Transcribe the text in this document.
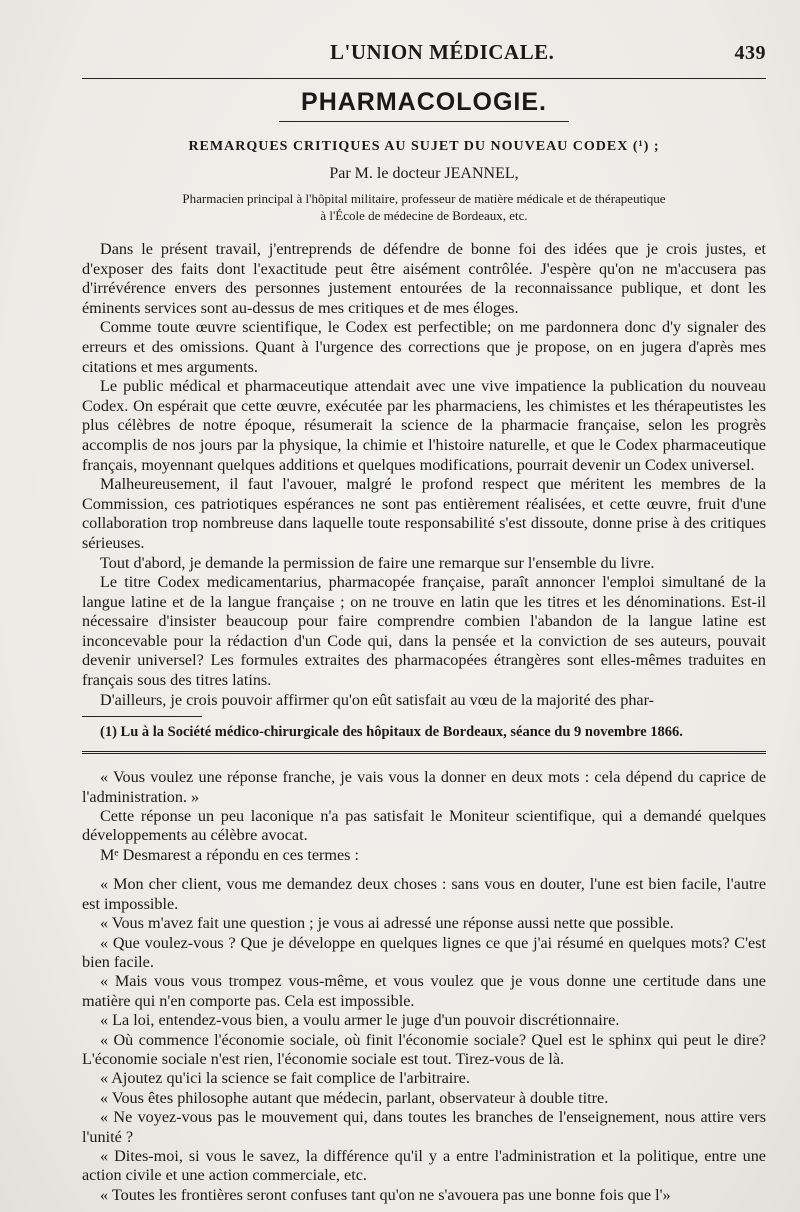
L'UNION MÉDICALE.	439
PHARMACOLOGIE.
REMARQUES CRITIQUES AU SUJET DU NOUVEAU CODEX (¹) ;
Par M. le docteur JEANNEL,
Pharmacien principal à l'hôpital militaire, professeur de matière médicale et de thérapeutique
à l'École de médecine de Bordeaux, etc.

Dans le présent travail, j'entreprends de défendre de bonne foi des idées que je crois justes, et d'exposer des faits dont l'exactitude peut être aisément contrôlée. J'espère qu'on ne m'accusera pas d'irrévérence envers des personnes justement entourées de la reconnaissance publique, et dont les éminents services sont au-dessus de mes critiques et de mes éloges.

Comme toute œuvre scientifique, le Codex est perfectible; on me pardonnera donc d'y signaler des erreurs et des omissions. Quant à l'urgence des corrections que je propose, on en jugera d'après mes citations et mes arguments.

Le public médical et pharmaceutique attendait avec une vive impatience la publication du nouveau Codex. On espérait que cette œuvre, exécutée par les pharmaciens, les chimistes et les thérapeutistes les plus célèbres de notre époque, résumerait la science de la pharmacie française, selon les progrès accomplis de nos jours par la physique, la chimie et l'histoire naturelle, et que le Codex pharmaceutique français, moyennant quelques additions et quelques modifications, pourrait devenir un Codex universel.

Malheureusement, il faut l'avouer, malgré le profond respect que méritent les membres de la Commission, ces patriotiques espérances ne sont pas entièrement réalisées, et cette œuvre, fruit d'une collaboration trop nombreuse dans laquelle toute responsabilité s'est dissoute, donne prise à des critiques sérieuses.

Tout d'abord, je demande la permission de faire une remarque sur l'ensemble du livre.

Le titre Codex medicamentarius, pharmacopée française, paraît annoncer l'emploi simultané de la langue latine et de la langue française ; on ne trouve en latin que les titres et les dénominations. Est-il nécessaire d'insister beaucoup pour faire comprendre combien l'abandon de la langue latine est inconcevable pour la rédaction d'un Code qui, dans la pensée et la conviction de ses auteurs, pouvait devenir universel? Les formules extraites des pharmacopées étrangères sont elles-mêmes traduites en français sous des titres latins.

D'ailleurs, je crois pouvoir affirmer qu'on eût satisfait au vœu de la majorité des phar-

(1) Lu à la Société médico-chirurgicale des hôpitaux de Bordeaux, séance du 9 novembre 1866.

« Vous voulez une réponse franche, je vais vous la donner en deux mots : cela dépend du caprice de l'administration. »

Cette réponse un peu laconique n'a pas satisfait le Moniteur scientifique, qui a demandé quelques développements au célèbre avocat.

Mᵉ Desmarest a répondu en ces termes :

« Mon cher client, vous me demandez deux choses : sans vous en douter, l'une est bien facile, l'autre est impossible.

« Vous m'avez fait une question ; je vous ai adressé une réponse aussi nette que possible.

« Que voulez-vous ? Que je développe en quelques lignes ce que j'ai résumé en quelques mots? C'est bien facile.

« Mais vous vous trompez vous-même, et vous voulez que je vous donne une certitude dans une matière qui n'en comporte pas. Cela est impossible.

« La loi, entendez-vous bien, a voulu armer le juge d'un pouvoir discrétionnaire.

« Où commence l'économie sociale, où finit l'économie sociale? Quel est le sphinx qui peut le dire? L'économie sociale n'est rien, l'économie sociale est tout. Tirez-vous de là.

« Ajoutez qu'ici la science se fait complice de l'arbitraire.

« Vous êtes philosophe autant que médecin, parlant, observateur à double titre.

« Ne voyez-vous pas le mouvement qui, dans toutes les branches de l'enseignement, nous attire vers l'unité ?

« Dites-moi, si vous le savez, la différence qu'il y a entre l'administration et la politique, entre une action civile et une action commerciale, etc.

« Toutes les frontières seront confuses tant qu'on ne s'avouera pas une bonne fois que l'»
